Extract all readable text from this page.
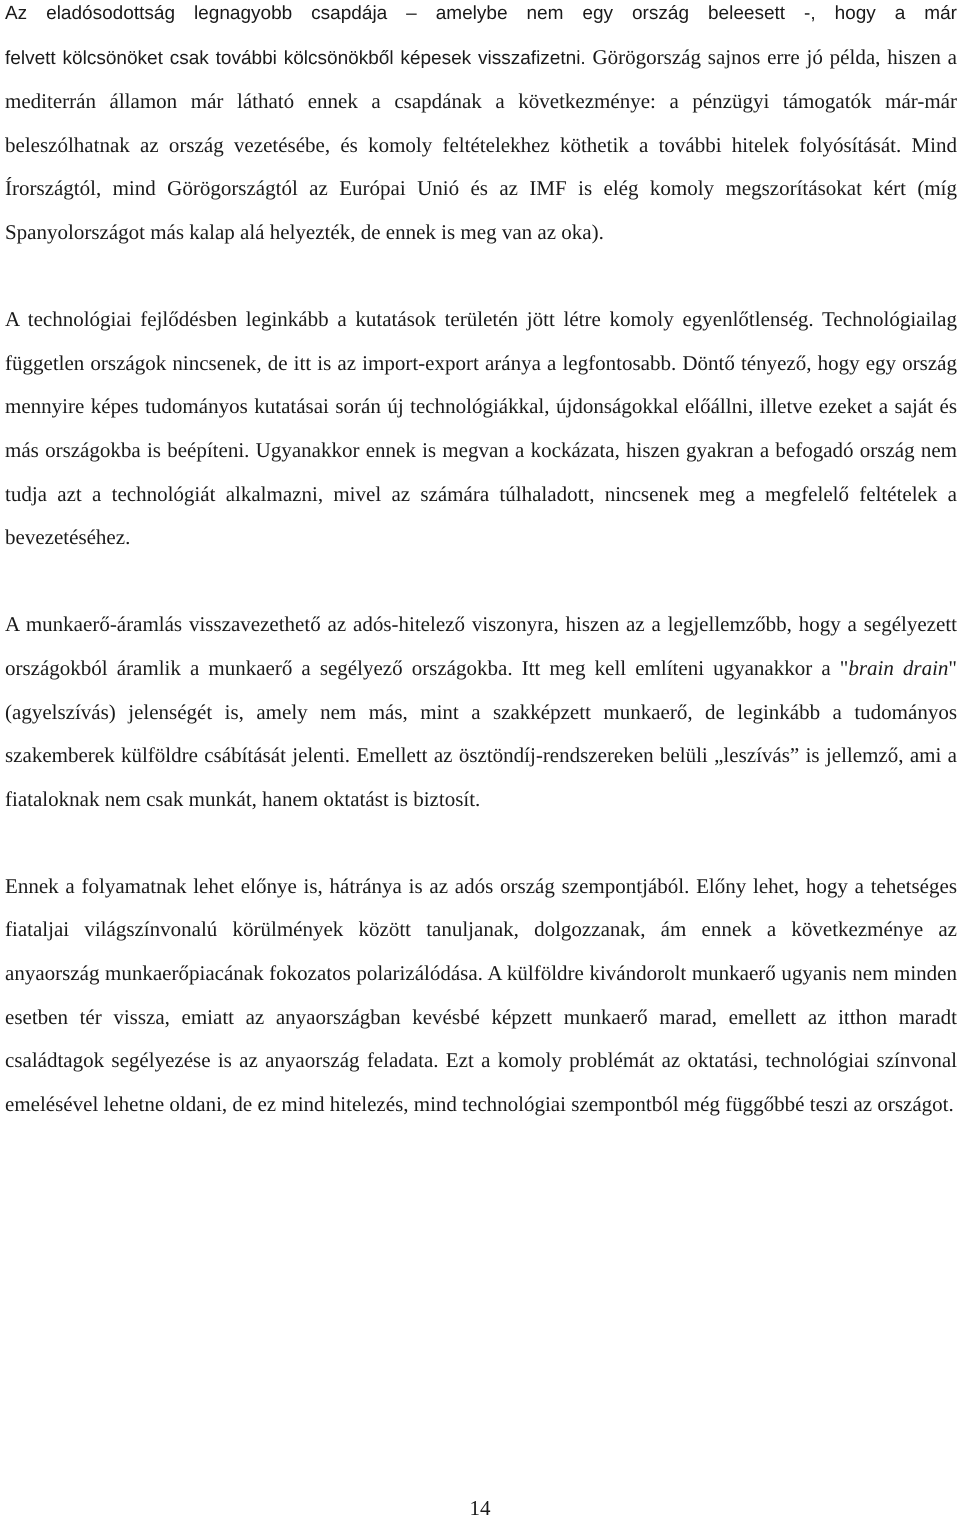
Az eladósodottság legnagyobb csapdája – amelybe nem egy ország beleesett -, hogy a már
felvett kölcsönöket csak további kölcsönökből képesek visszafizetni. Görögország sajnos erre jó példa, hiszen a mediterrán államon már látható ennek a csapdának a következménye: a pénzügyi támogatók már-már beleszólhatnak az ország vezetésébe, és komoly feltételekhez köthetik a további hitelek folyósítását. Mind Írországtól, mind Görögországtól az Európai Unió és az IMF is elég komoly megszorításokat kért (míg Spanyolországot más kalap alá helyezték, de ennek is meg van az oka).

A technológiai fejlődésben leginkább a kutatások területén jött létre komoly egyenlőtlenség. Technológiailag független országok nincsenek, de itt is az import-export aránya a legfontosabb. Döntő tényező, hogy egy ország mennyire képes tudományos kutatásai során új technológiákkal, újdonságokkal előállni, illetve ezeket a saját és más országokba is beépíteni. Ugyanakkor ennek is megvan a kockázata, hiszen gyakran a befogadó ország nem tudja azt a technológiát alkalmazni, mivel az számára túlhaladott, nincsenek meg a megfelelő feltételek a bevezetéséhez.

A munkaerő-áramlás visszavezethető az adós-hitelező viszonyra, hiszen az a legjellemzőbb, hogy a segélyezett országokból áramlik a munkaerő a segélyező országokba. Itt meg kell említeni ugyanakkor a "brain drain" (agyelszívás) jelenségét is, amely nem más, mint a szakképzett munkaerő, de leginkább a tudományos szakemberek külföldre csábítását jelenti. Emellett az ösztöndíj-rendszereken belüli „leszívás” is jellemző, ami a fiataloknak nem csak munkát, hanem oktatást is biztosít.

Ennek a folyamatnak lehet előnye is, hátránya is az adós ország szempontjából. Előny lehet, hogy a tehetséges fiataljai világszínvonalú körülmények között tanuljanak, dolgozzanak, ám ennek a következménye az anyaország munkaerőpiacának fokozatos polarizálódása. A külföldre kivándorolt munkaerő ugyanis nem minden esetben tér vissza, emiatt az anyaországban kevésbé képzett munkaerő marad, emellett az itthon maradt családtagok segélyezése is az anyaország feladata. Ezt a komoly problémát az oktatási, technológiai színvonal emelésével lehetne oldani, de ez mind hitelezés, mind technológiai szempontból még függőbbé teszi az országot.

14
